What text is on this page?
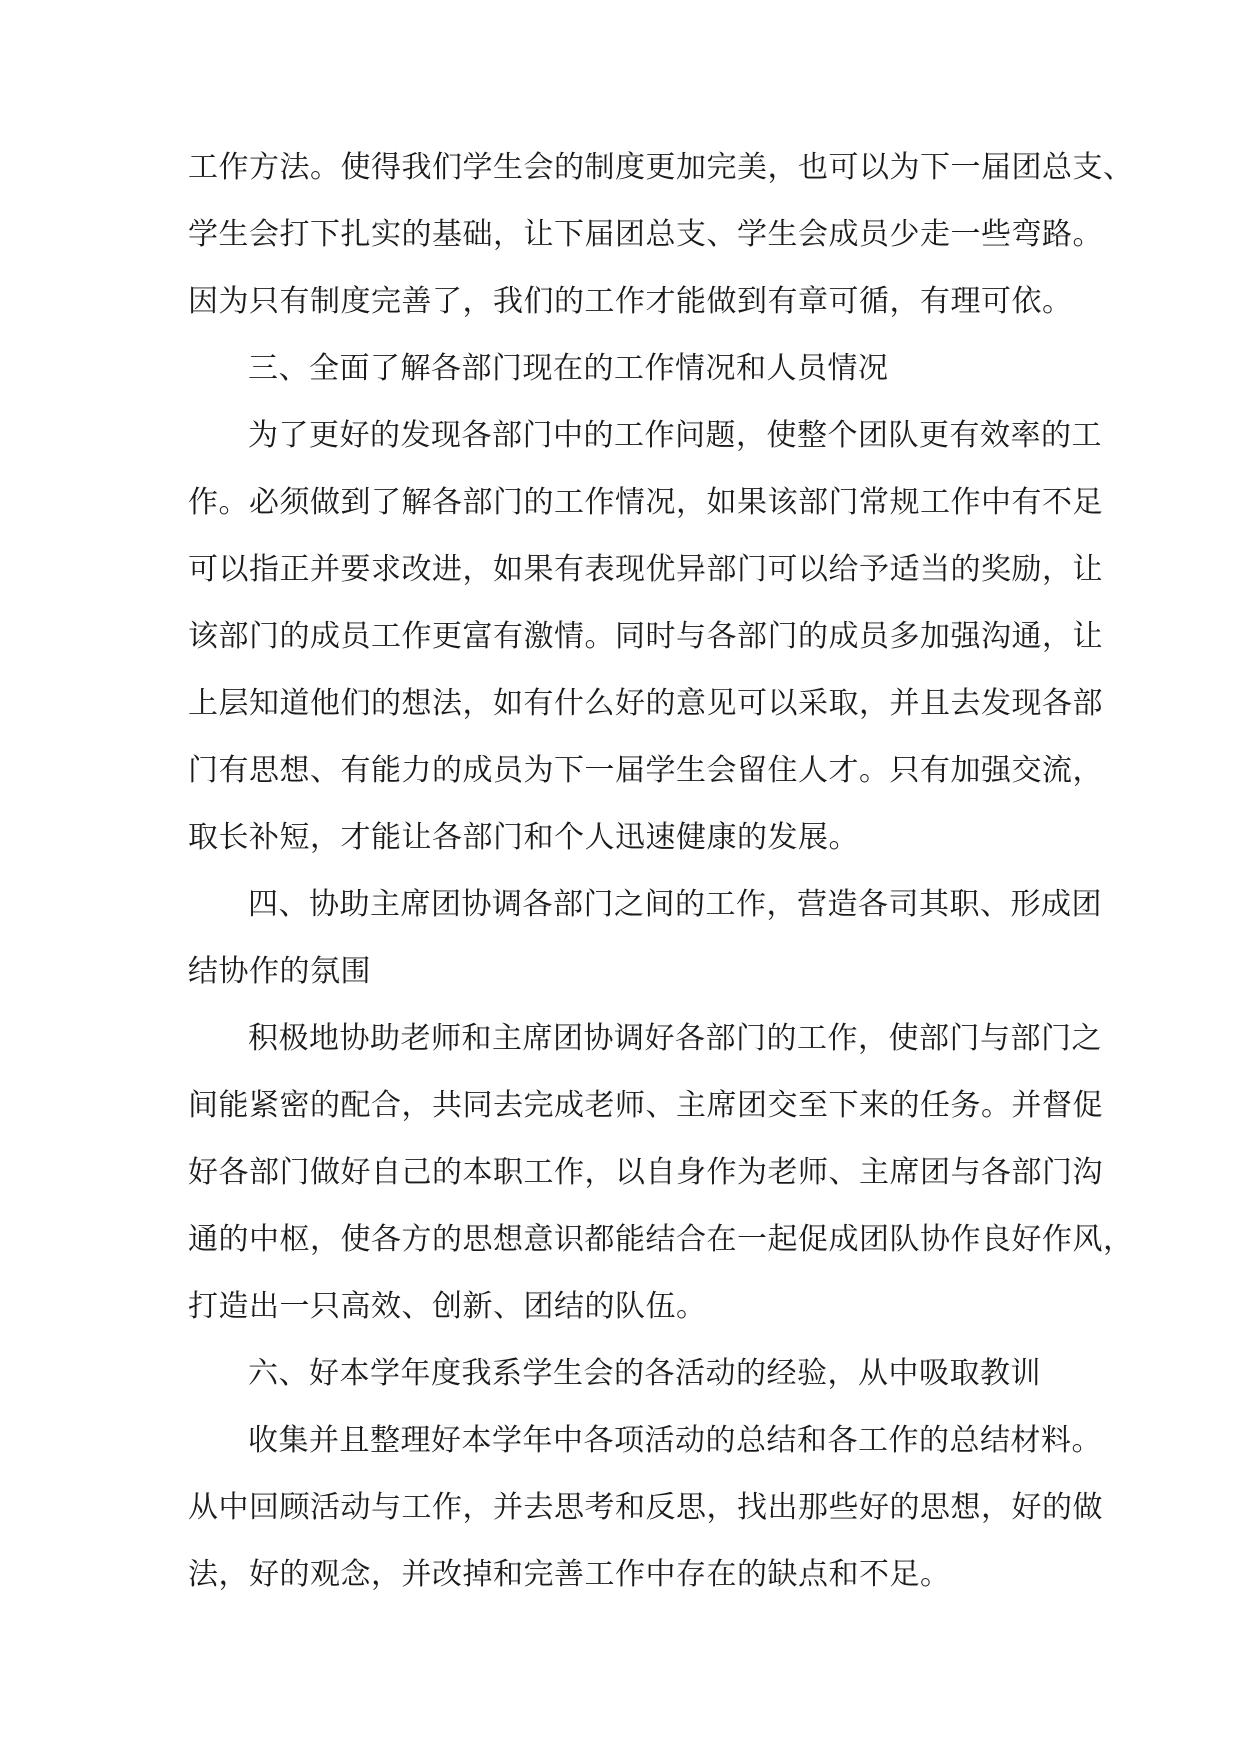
工作方法。使得我们学生会的制度更加完美，也可以为下一届团总支、
学生会打下扎实的基础，让下届团总支、学生会成员少走一些弯路。
因为只有制度完善了，我们的工作才能做到有章可循，有理可依。
三、全面了解各部门现在的工作情况和人员情况
为了更好的发现各部门中的工作问题，使整个团队更有效率的工
作。必须做到了解各部门的工作情况，如果该部门常规工作中有不足
可以指正并要求改进，如果有表现优异部门可以给予适当的奖励，让
该部门的成员工作更富有激情。同时与各部门的成员多加强沟通，让
上层知道他们的想法，如有什么好的意见可以采取，并且去发现各部
门有思想、有能力的成员为下一届学生会留住人才。只有加强交流，
取长补短，才能让各部门和个人迅速健康的发展。
四、协助主席团协调各部门之间的工作，营造各司其职、形成团
结协作的氛围
积极地协助老师和主席团协调好各部门的工作，使部门与部门之
间能紧密的配合，共同去完成老师、主席团交至下来的任务。并督促
好各部门做好自己的本职工作，以自身作为老师、主席团与各部门沟
通的中枢，使各方的思想意识都能结合在一起促成团队协作良好作风，
打造出一只高效、创新、团结的队伍。
六、好本学年度我系学生会的各活动的经验，从中吸取教训
收集并且整理好本学年中各项活动的总结和各工作的总结材料。
从中回顾活动与工作，并去思考和反思，找出那些好的思想，好的做
法，好的观念，并改掉和完善工作中存在的缺点和不足。
